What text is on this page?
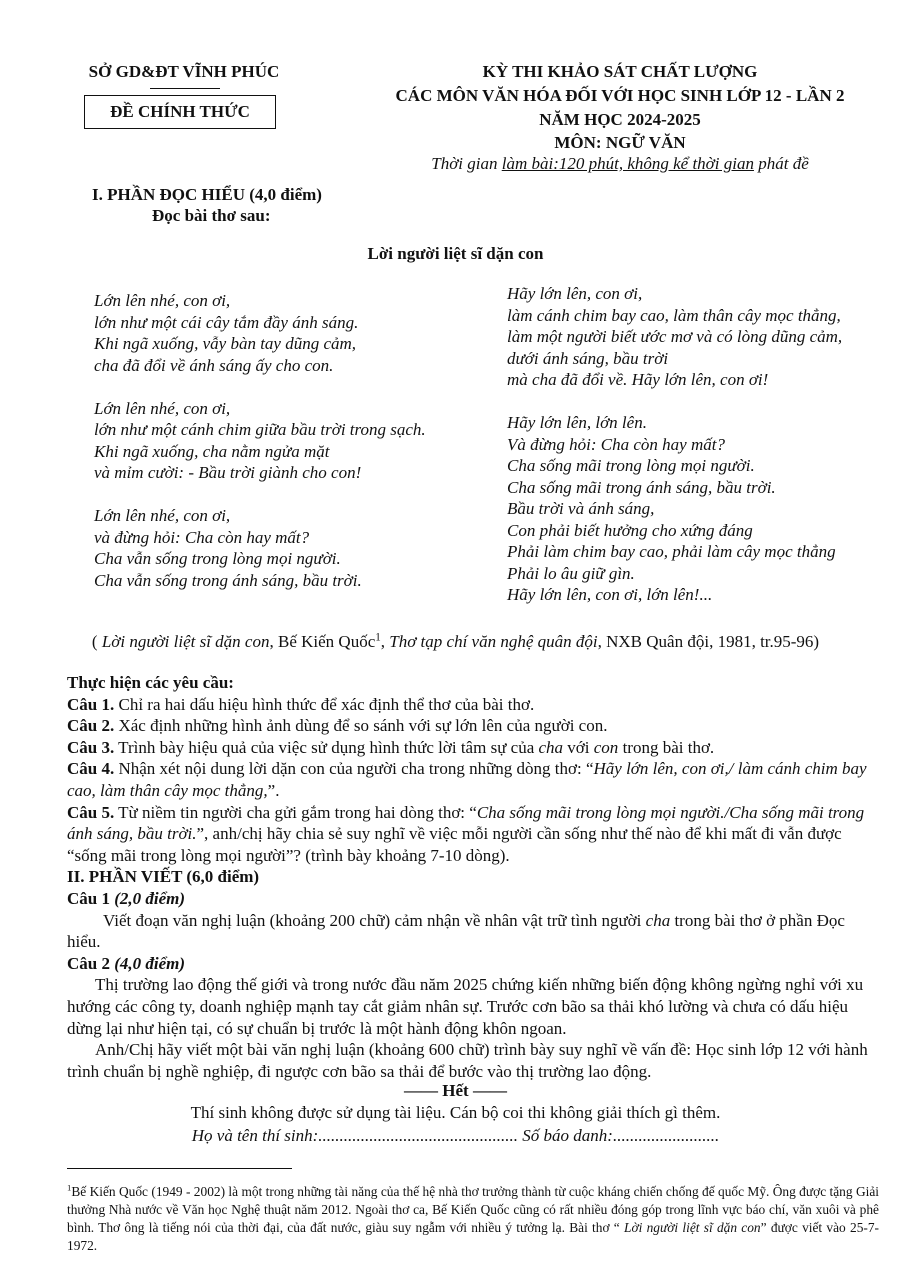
SỞ GD&ĐT VĨNH PHÚC
ĐỀ CHÍNH THỨC
KỲ THI KHẢO SÁT CHẤT LƯỢNG
CÁC MÔN VĂN HÓA ĐỐI VỚI HỌC SINH LỚP 12 - LẦN 2
NĂM HỌC 2024-2025
MÔN: NGỮ VĂN
Thời gian làm bài:120 phút, không kể thời gian phát đề
I. PHẦN ĐỌC HIỂU (4,0 điểm)
Đọc bài thơ sau:
Lời người liệt sĩ dặn con
Lớn lên nhé, con ơi,
lớn như một cái cây tắm đầy ánh sáng.
Khi ngã xuống, vẫy bàn tay dũng cảm,
cha đã đổi về ánh sáng ấy cho con.
Lớn lên nhé, con ơi,
lớn như một cánh chim giữa bầu trời trong sạch.
Khi ngã xuống, cha nằm ngửa mặt
và mỉm cười: - Bầu trời giành cho con!
Lớn lên nhé, con ơi,
và đừng hỏi: Cha còn hay mất?
Cha vẫn sống trong lòng mọi người.
Cha vẫn sống trong ánh sáng, bầu trời.
Hãy lớn lên, con ơi,
làm cánh chim bay cao, làm thân cây mọc thẳng,
làm một người biết ước mơ và có lòng dũng cảm,
dưới ánh sáng, bầu trời
mà cha đã đổi về. Hãy lớn lên, con ơi!
Hãy lớn lên, lớn lên.
Và đừng hỏi: Cha còn hay mất?
Cha sống mãi trong lòng mọi người.
Cha sống mãi trong ánh sáng, bầu trời.
Bầu trời và ánh sáng,
Con phải biết hưởng cho xứng đáng
Phải làm chim bay cao, phải làm cây mọc thẳng
Phải lo âu giữ gìn.
Hãy lớn lên, con ơi, lớn lên!...
( Lời người liệt sĩ dặn con, Bế Kiến Quốc$^1$, Thơ tạp chí văn nghệ quân đội, NXB Quân đội, 1981, tr.95-96)

Thực hiện các yêu cầu:

Câu 1. Chỉ ra hai dấu hiệu hình thức để xác định thể thơ của bài thơ.

Câu 2. Xác định những hình ảnh dùng để so sánh với sự lớn lên của người con.

Câu 3. Trình bày hiệu quả của việc sử dụng hình thức lời tâm sự của cha với con trong bài thơ.

Câu 4. Nhận xét nội dung lời dặn con của người cha trong những dòng thơ: “Hãy lớn lên, con ơi,/ làm cánh chim bay cao, làm thân cây mọc thẳng,”.

Câu 5. Từ niềm tin người cha gửi gắm trong hai dòng thơ: “Cha sống mãi trong lòng mọi người./Cha sống mãi trong ánh sáng, bầu trời.”, anh/chị hãy chia sẻ suy nghĩ về việc mỗi người cần sống như thế nào để khi mất đi vẫn được “sống mãi trong lòng mọi người”? (trình bày khoảng 7-10 dòng).

II. PHẦN VIẾT (6,0 điểm)

Câu 1 (2,0 điểm)

Viết đoạn văn nghị luận (khoảng 200 chữ) cảm nhận về nhân vật trữ tình người cha trong bài thơ ở phần Đọc hiểu.

Câu 2 (4,0 điểm)

Thị trường lao động thế giới và trong nước đầu năm 2025 chứng kiến những biến động không ngừng nghỉ với xu hướng các công ty, doanh nghiệp mạnh tay cắt giảm nhân sự. Trước cơn bão sa thải khó lường và chưa có dấu hiệu dừng lại như hiện tại, có sự chuẩn bị trước là một hành động khôn ngoan.

Anh/Chị hãy viết một bài văn nghị luận (khoảng 600 chữ) trình bày suy nghĩ về vấn đề: Học sinh lớp 12 với hành trình chuẩn bị nghề nghiệp, đi ngược cơn bão sa thải để bước vào thị trường lao động.

—— Hết ——
Thí sinh không được sử dụng tài liệu. Cán bộ coi thi không giải thích gì thêm.
Họ và tên thí sinh:............................................... Số báo danh:.........................
$^1$Bế Kiến Quốc (1949 - 2002) là một trong những tài năng của thế hệ nhà thơ trưởng thành từ cuộc kháng chiến chống đế quốc Mỹ. Ông được tặng Giải thưởng Nhà nước về Văn học Nghệ thuật năm 2012. Ngoài thơ ca, Bế Kiến Quốc cũng có rất nhiều đóng góp trong lĩnh vực báo chí, văn xuôi và phê bình. Thơ ông là tiếng nói của thời đại, của đất nước, giàu suy ngẫm với nhiều ý tưởng lạ. Bài thơ “ Lời người liệt sĩ dặn con” được viết vào 25-7-1972.
